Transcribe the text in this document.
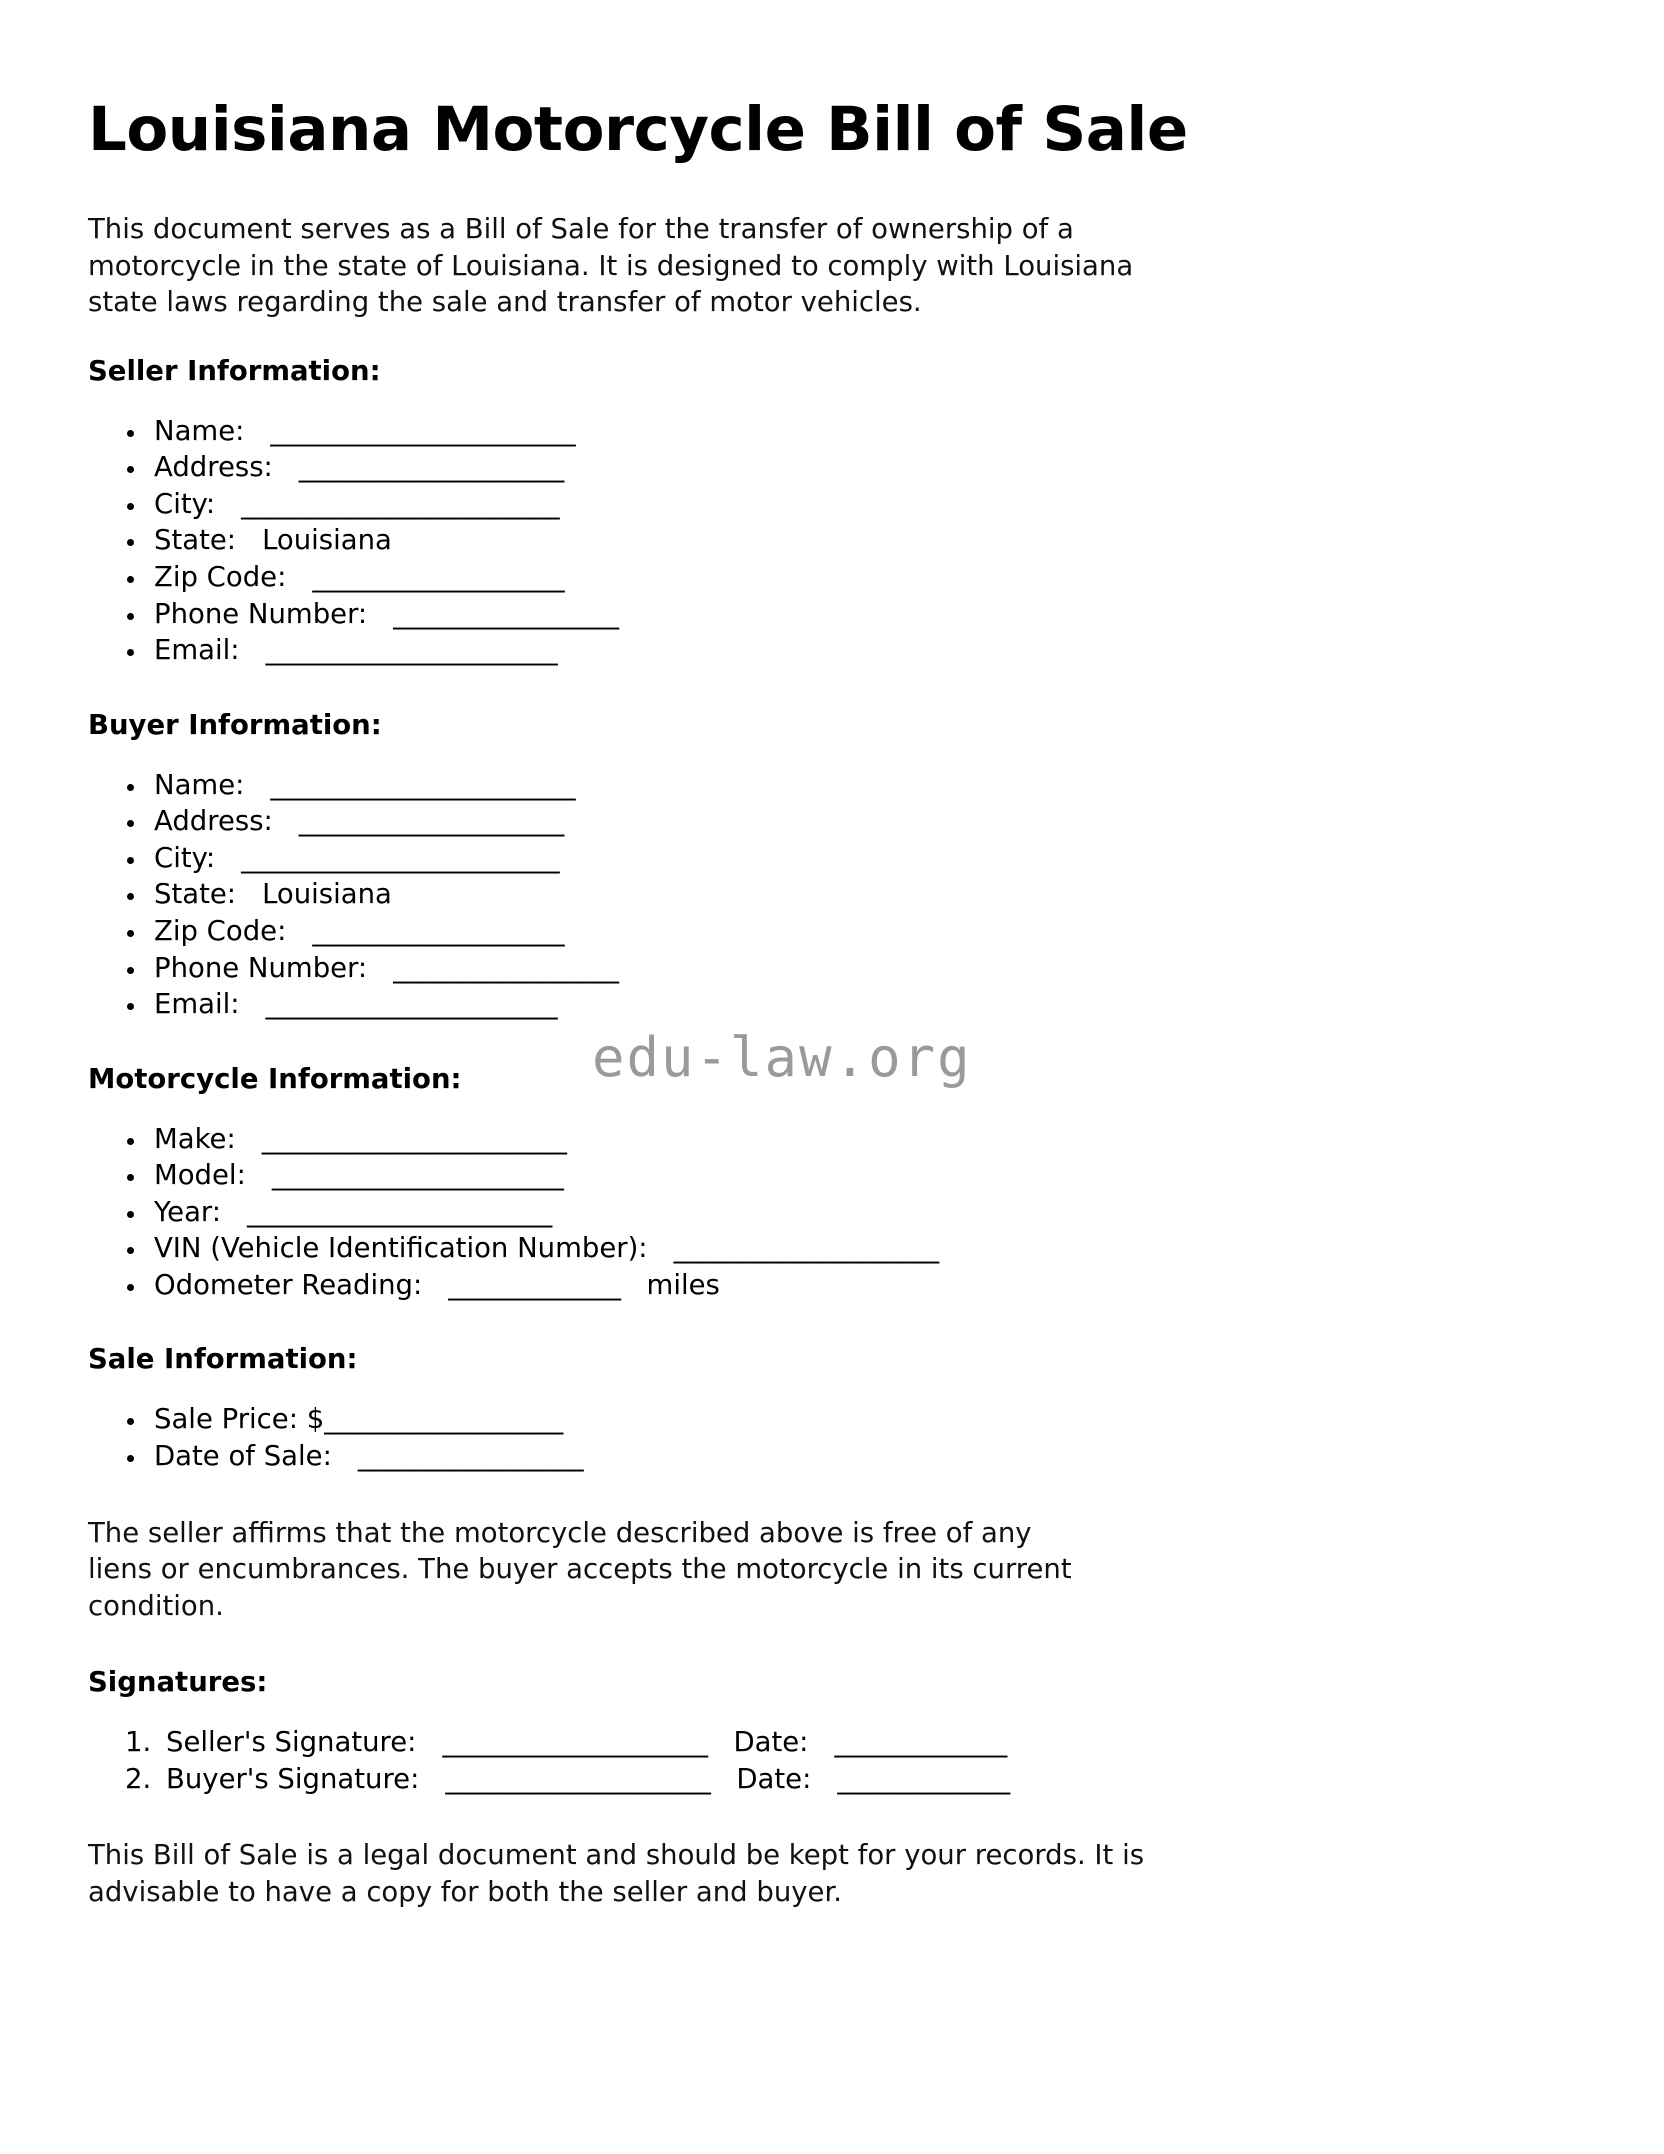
edu-law.org
Louisiana Motorcycle Bill of Sale

This document serves as a Bill of Sale for the transfer of ownership of a motorcycle in the state of Louisiana. It is designed to comply with Louisiana state laws regarding the sale and transfer of motor vehicles.

Seller Information:
• Name: _______________________
• Address: ____________________
• City: ________________________
• State: Louisiana
• Zip Code: ___________________
• Phone Number: _________________
• Email: ______________________
Buyer Information:
• Name: _______________________
• Address: ____________________
• City: ________________________
• State: Louisiana
• Zip Code: ___________________
• Phone Number: _________________
• Email: ______________________
Motorcycle Information:
• Make: _______________________
• Model: ______________________
• Year: _______________________
• VIN (Vehicle Identification Number): ____________________
• Odometer Reading: _____________ miles
Sale Information:
• Sale Price: $__________________
• Date of Sale: _________________

The seller affirms that the motorcycle described above is free of any liens or encumbrances. The buyer accepts the motorcycle in its current condition.

Signatures:
1. Seller's Signature: ____________________ Date: _____________
2. Buyer's Signature: ____________________ Date: _____________

This Bill of Sale is a legal document and should be kept for your records. It is advisable to have a copy for both the seller and buyer.
